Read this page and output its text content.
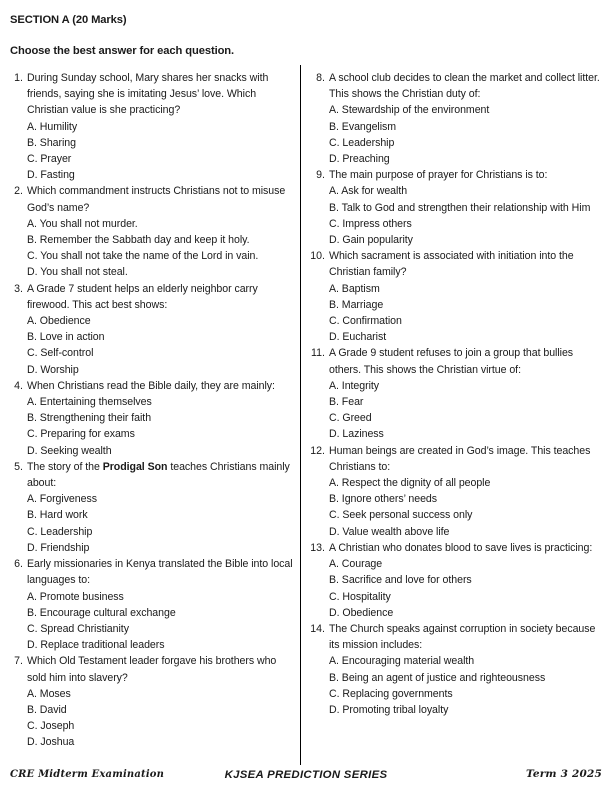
SECTION A (20 Marks)
Choose the best answer for each question.
1. During Sunday school, Mary shares her snacks with friends, saying she is imitating Jesus’ love. Which Christian value is she practicing?
A. Humility
B. Sharing
C. Prayer
D. Fasting
2. Which commandment instructs Christians not to misuse God’s name?
A. You shall not murder.
B. Remember the Sabbath day and keep it holy.
C. You shall not take the name of the Lord in vain.
D. You shall not steal.
3. A Grade 7 student helps an elderly neighbor carry firewood. This act best shows:
A. Obedience
B. Love in action
C. Self-control
D. Worship
4. When Christians read the Bible daily, they are mainly:
A. Entertaining themselves
B. Strengthening their faith
C. Preparing for exams
D. Seeking wealth
5. The story of the Prodigal Son teaches Christians mainly about:
A. Forgiveness
B. Hard work
C. Leadership
D. Friendship
6. Early missionaries in Kenya translated the Bible into local languages to:
A. Promote business
B. Encourage cultural exchange
C. Spread Christianity
D. Replace traditional leaders
7. Which Old Testament leader forgave his brothers who sold him into slavery?
A. Moses
B. David
C. Joseph
D. Joshua
8. A school club decides to clean the market and collect litter. This shows the Christian duty of:
A. Stewardship of the environment
B. Evangelism
C. Leadership
D. Preaching
9. The main purpose of prayer for Christians is to:
A. Ask for wealth
B. Talk to God and strengthen their relationship with Him
C. Impress others
D. Gain popularity
10. Which sacrament is associated with initiation into the Christian family?
A. Baptism
B. Marriage
C. Confirmation
D. Eucharist
11. A Grade 9 student refuses to join a group that bullies others. This shows the Christian virtue of:
A. Integrity
B. Fear
C. Greed
D. Laziness
12. Human beings are created in God’s image. This teaches Christians to:
A. Respect the dignity of all people
B. Ignore others’ needs
C. Seek personal success only
D. Value wealth above life
13. A Christian who donates blood to save lives is practicing:
A. Courage
B. Sacrifice and love for others
C. Hospitality
D. Obedience
14. The Church speaks against corruption in society because its mission includes:
A. Encouraging material wealth
B. Being an agent of justice and righteousness
C. Replacing governments
D. Promoting tribal loyalty
CRE Midterm Examination	KJSEA PREDICTION SERIES	Term 3 2025
